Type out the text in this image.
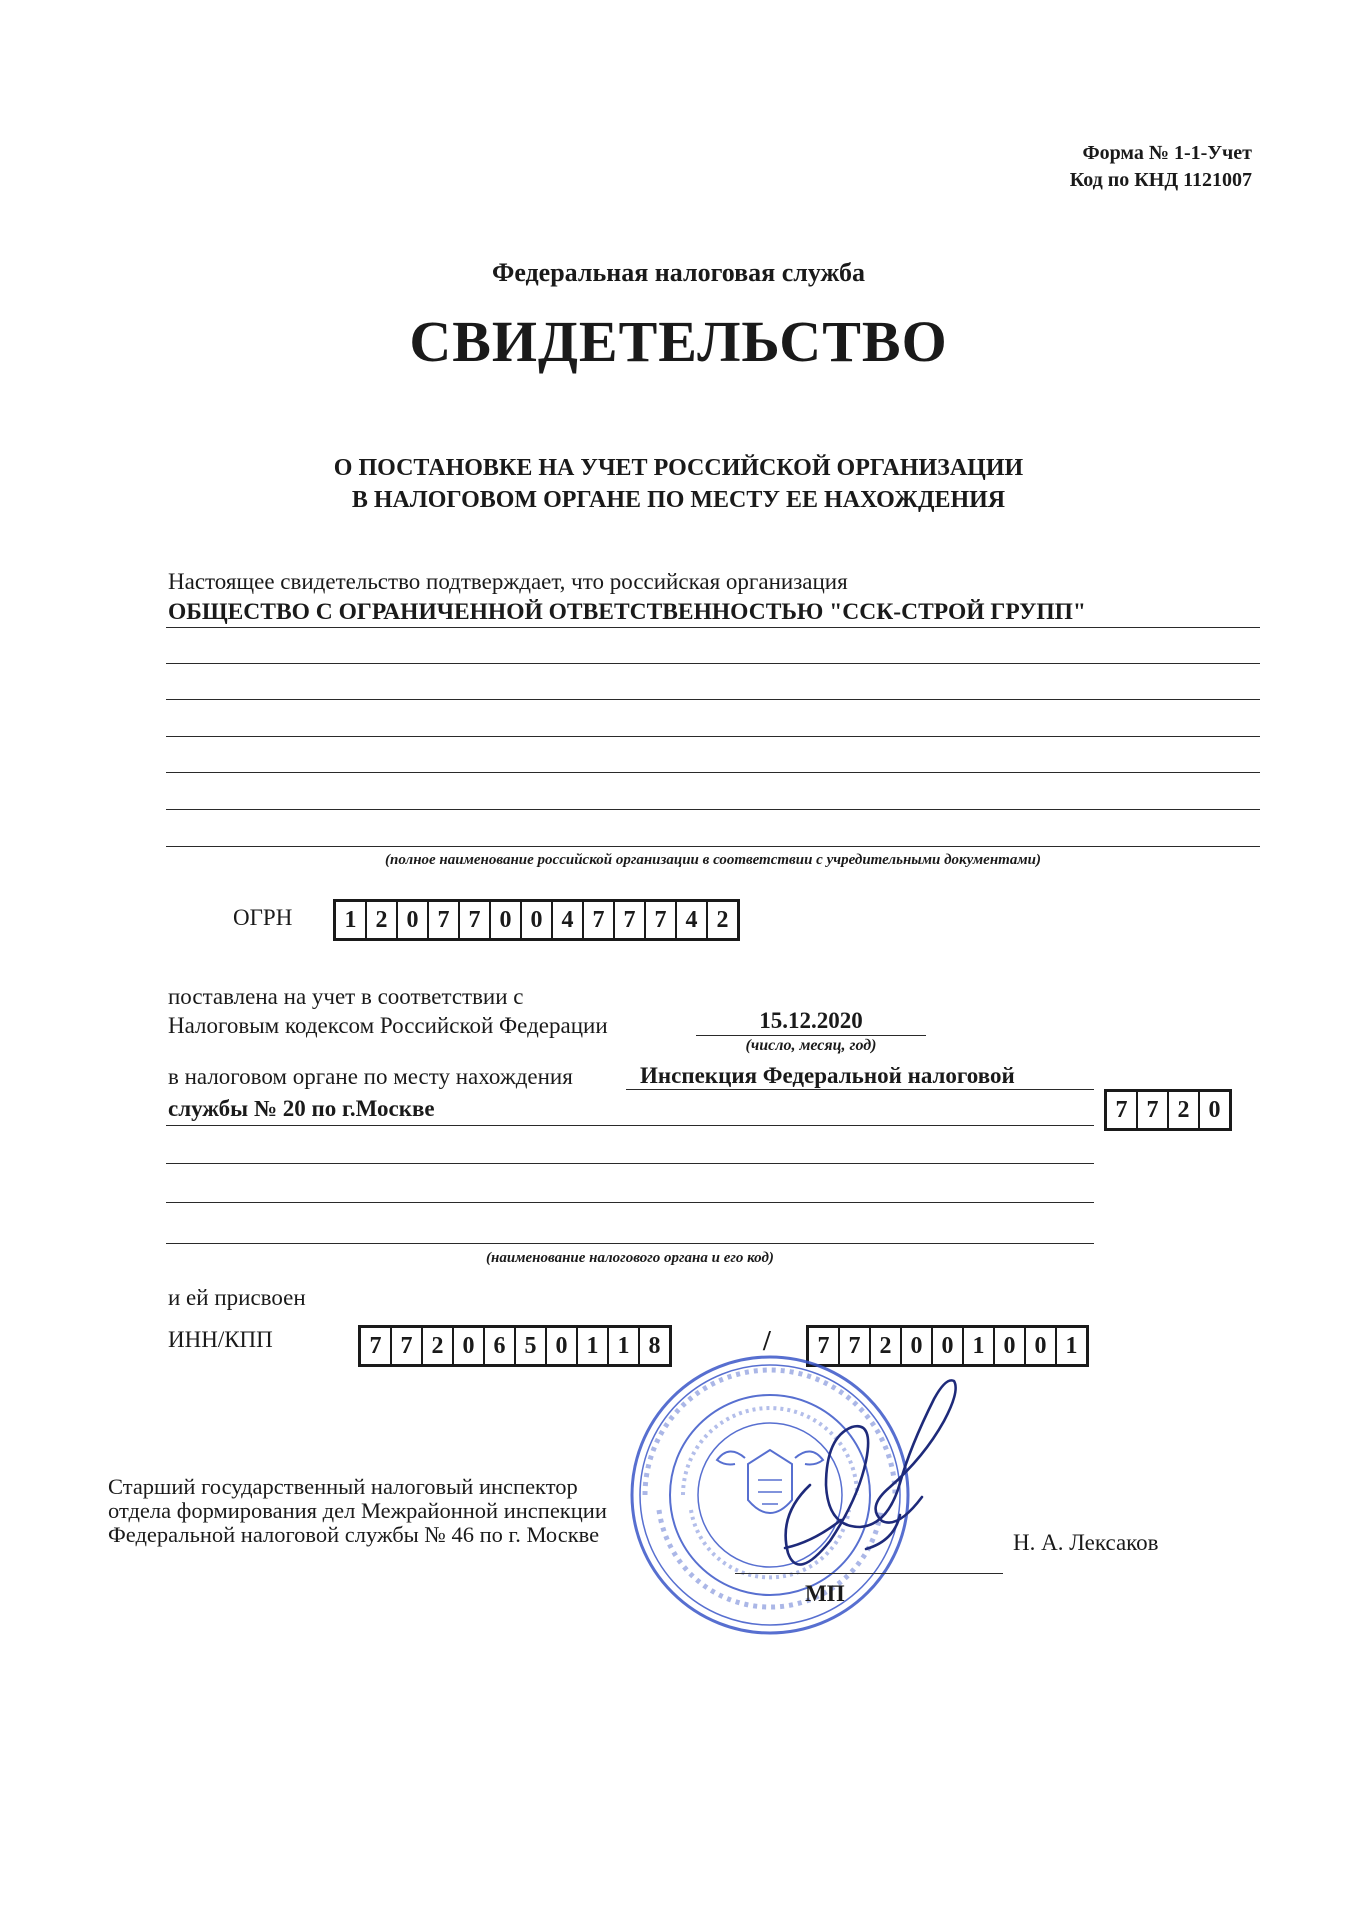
Форма № 1-1-Учет
Код по КНД 1121007
Федеральная налоговая служба
СВИДЕТЕЛЬСТВО
О ПОСТАНОВКЕ НА УЧЕТ РОССИЙСКОЙ ОРГАНИЗАЦИИ
В НАЛОГОВОМ ОРГАНЕ ПО МЕСТУ ЕЕ НАХОЖДЕНИЯ
Настоящее свидетельство подтверждает, что российская организация
ОБЩЕСТВО С ОГРАНИЧЕННОЙ ОТВЕТСТВЕННОСТЬЮ "ССК-СТРОЙ ГРУПП"
(полное наименование российской организации в соответствии с учредительными документами)
ОГРН	1 2 0 7 7 0 0 4 7 7 7 4 2
поставлена на учет в соответствии с
Налоговым кодексом Российской Федерации	15.12.2020
(число, месяц, год)
в налоговом органе по месту нахождения	Инспекция Федеральной налоговой
службы № 20 по г.Москве	7 7 2 0
(наименование налогового органа и его код)
и ей присвоен
ИНН/КПП	7 7 2 0 6 5 0 1 1 8	/	7 7 2 0 0 1 0 0 1
Старший государственный налоговый инспектор
отдела формирования дел Межрайонной инспекции
Федеральной налоговой службы № 46 по г. Москве	Н. А. Лексаков
МП
